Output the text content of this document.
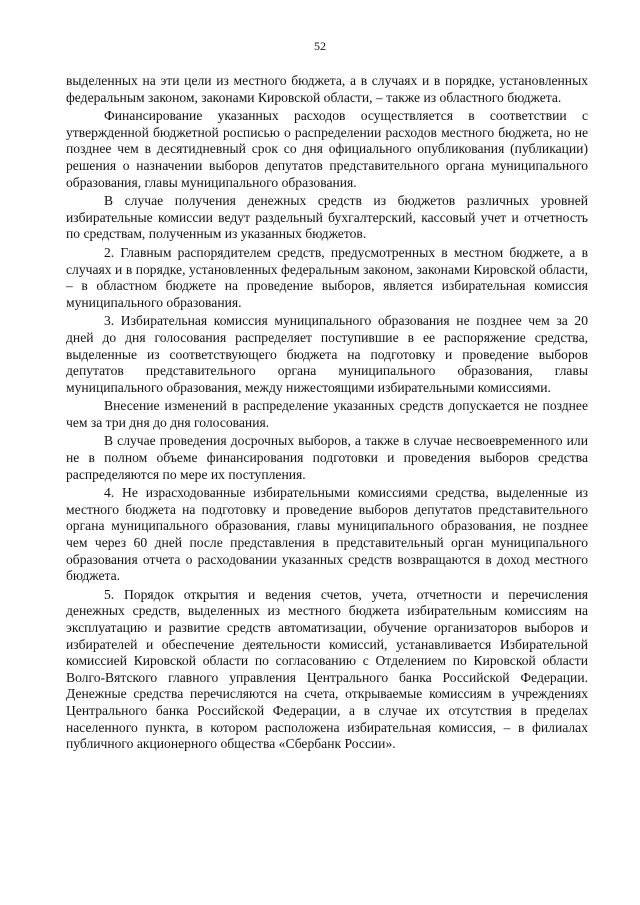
52

выделенных на эти цели из местного бюджета, а в случаях и в порядке, установленных федеральным законом, законами Кировской области, – также из областного бюджета.

Финансирование указанных расходов осуществляется в соответствии с утвержденной бюджетной росписью о распределении расходов местного бюджета, но не позднее чем в десятидневный срок со дня официального опубликования (публикации) решения о назначении выборов депутатов представительного органа муниципального образования, главы муниципального образования.

В случае получения денежных средств из бюджетов различных уровней избирательные комиссии ведут раздельный бухгалтерский, кассовый учет и отчетность по средствам, полученным из указанных бюджетов.

2. Главным распорядителем средств, предусмотренных в местном бюджете, а в случаях и в порядке, установленных федеральным законом, законами Кировской области, – в областном бюджете на проведение выборов, является избирательная комиссия муниципального образования.

3. Избирательная комиссия муниципального образования не позднее чем за 20 дней до дня голосования распределяет поступившие в ее распоряжение средства, выделенные из соответствующего бюджета на подготовку и проведение выборов депутатов представительного органа муниципального образования, главы муниципального образования, между нижестоящими избирательными комиссиями.

Внесение изменений в распределение указанных средств допускается не позднее чем за три дня до дня голосования.

В случае проведения досрочных выборов, а также в случае несвоевременного или не в полном объеме финансирования подготовки и проведения выборов средства распределяются по мере их поступления.

4. Не израсходованные избирательными комиссиями средства, выделенные из местного бюджета на подготовку и проведение выборов депутатов представительного органа муниципального образования, главы муниципального образования, не позднее чем через 60 дней после представления в представительный орган муниципального образования отчета о расходовании указанных средств возвращаются в доход местного бюджета.

5. Порядок открытия и ведения счетов, учета, отчетности и перечисления денежных средств, выделенных из местного бюджета избирательным комиссиям на эксплуатацию и развитие средств автоматизации, обучение организаторов выборов и избирателей и обеспечение деятельности комиссий, устанавливается Избирательной комиссией Кировской области по согласованию с Отделением по Кировской области Волго-Вятского главного управления Центрального банка Российской Федерации. Денежные средства перечисляются на счета, открываемые комиссиям в учреждениях Центрального банка Российской Федерации, а в случае их отсутствия в пределах населенного пункта, в котором расположена избирательная комиссия, – в филиалах публичного акционерного общества «Сбербанк России».
